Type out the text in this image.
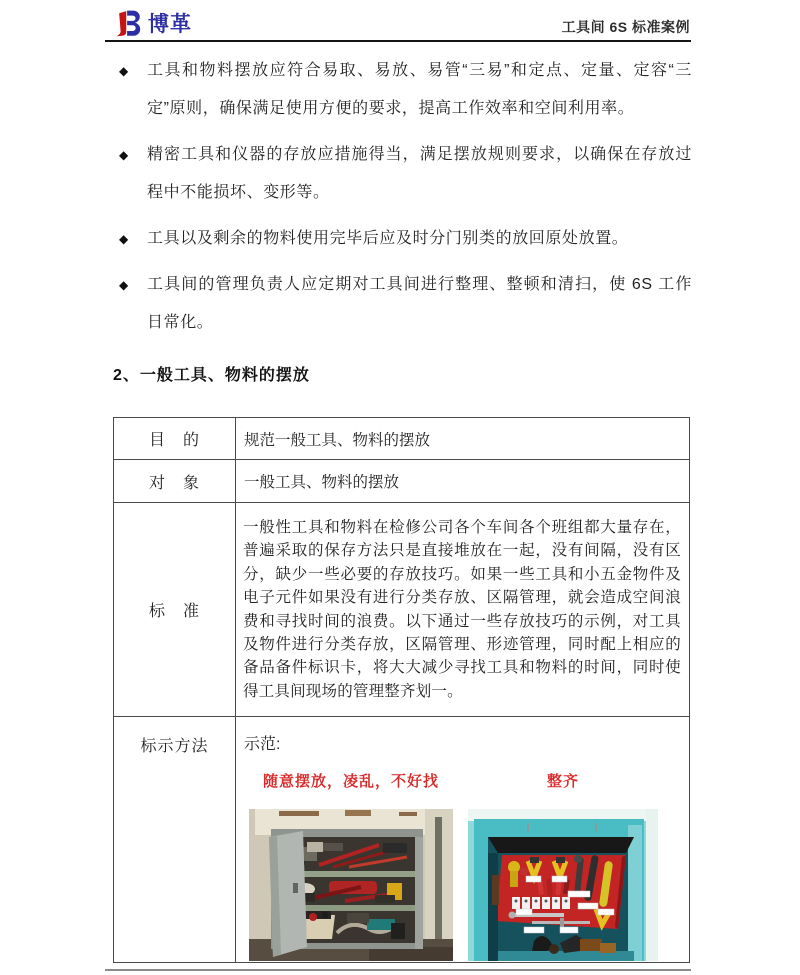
博革	工具间 6S 标准案例
◆	工具和物料摆放应符合易取、易放、易管“三易”和定点、定量、定容“三定”原则，确保满足使用方便的要求，提高工作效率和空间利用率。
◆	精密工具和仪器的存放应措施得当，满足摆放规则要求，以确保在存放过程中不能损坏、变形等。
◆	工具以及剩余的物料使用完毕后应及时分门别类的放回原处放置。
◆	工具间的管理负责人应定期对工具间进行整理、整顿和清扫，使 6S 工作日常化。
2、一般工具、物料的摆放
目　的	规范一般工具、物料的摆放
对　象	一般工具、物料的摆放
标　准	一般性工具和物料在检修公司各个车间各个班组都大量存在，普遍采取的保存方法只是直接堆放在一起，没有间隔，没有区分，缺少一些必要的存放技巧。如果一些工具和小五金物件及电子元件如果没有进行分类存放、区隔管理，就会造成空间浪费和寻找时间的浪费。以下通过一些存放技巧的示例，对工具及物件进行分类存放，区隔管理、形迹管理，同时配上相应的备品备件标识卡，将大大减少寻找工具和物料的时间，同时使得工具间现场的管理整齐划一。
标示方法	示范:
随意摆放，凌乱，不好找 整齐
